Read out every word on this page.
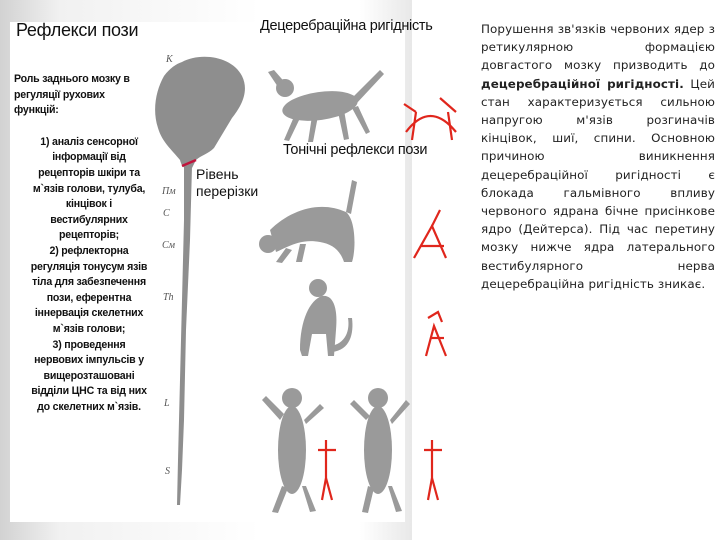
Рефлекси пози	Децеребраційна ригідність
Тонічні рефлекси пози
Рівень
перерізки

Роль заднього мозку в
регуляції рухових
функцій:

1) аналіз сенсорної

інформації від

рецепторів шкіри та

м`язів голови, тулуба,

кінцівок і

вестибулярних

рецепторів;

2) рефлекторна

регуляція тонусум язів

тіла для забезпечення

пози, еферентна

іннервація скелетних

м`язів голови;

3) проведення

нервових імпульсів у

вищерозташовані

відділи ЦНС та від них

до скелетних м`язів.

К
Пм
С
См
Th
L
S

Порушення зв'язків червоних ядер з ретикулярною формацією довгастого мозку призводить до децеребраційної ригідності. Цей стан характеризується сильною напругою м'язів розгиначів кінцівок, шиї, спини. Основною причиною виникнення децеребраційної ригідності є блокада гальмівного впливу червоного ядрана бічне присінкове ядро (Дейтерса). Під час перетину мозку нижче ядра латерального вестибулярного нерва децеребраційна ригідність зникає.
